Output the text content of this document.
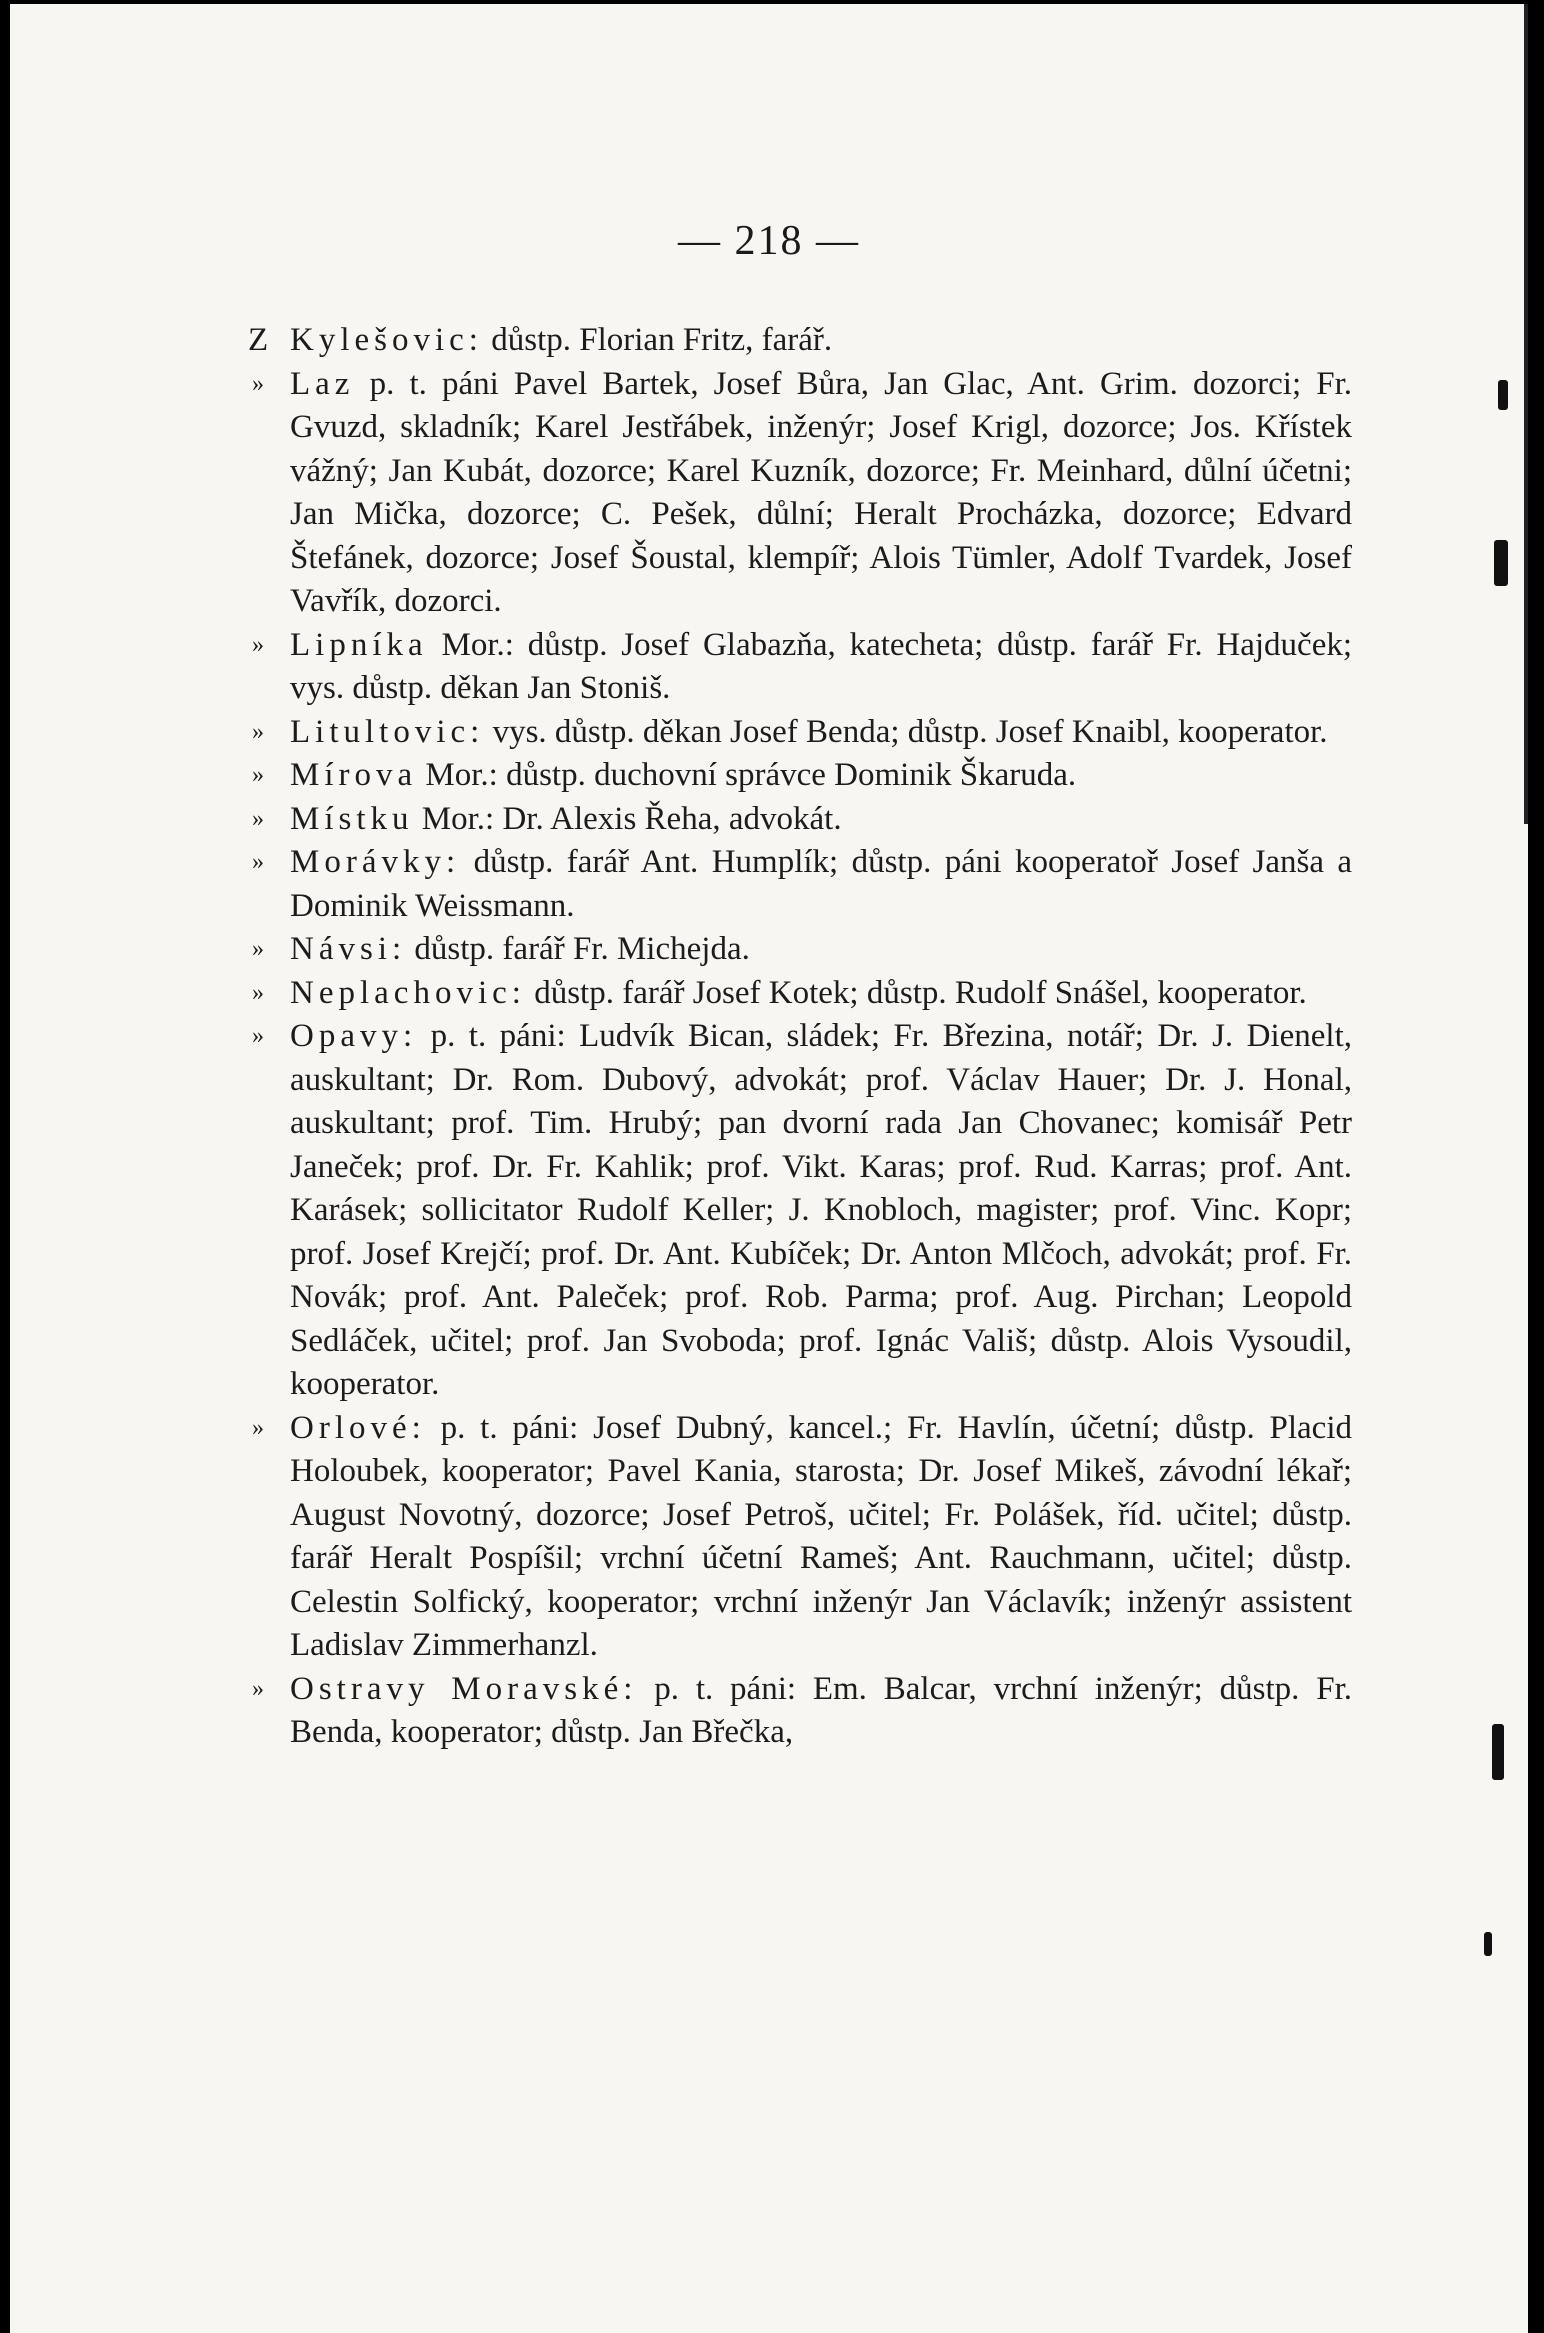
— 218 —
Z Kylešovic: důstp. Florian Fritz, farář.
» Laz p. t. páni Pavel Bartek, Josef Bůra, Jan Glac, Ant. Grim. dozorci; Fr. Gvuzd, skladník; Karel Jestřábek, inženýr; Josef Krigl, dozorce; Jos. Křístek vážný; Jan Kubát, dozorce; Karel Kuzník, dozorce; Fr. Meinhard, důlní účetni; Jan Mička, dozorce; C. Pešek, důlní; Heralt Procházka, dozorce; Edvard Štefánek, dozorce; Josef Šoustal, klempíř; Alois Tümler, Adolf Tvardek, Josef Vavřík, dozorci.
» Lipníka Mor.: důstp. Josef Glabazňa, katecheta; důstp. farář Fr. Hajduček; vys. důstp. děkan Jan Stoniš.
» Litultovic: vys. důstp. děkan Josef Benda; důstp. Josef Knaibl, kooperator.
» Mírova Mor.: důstp. duchovní správce Dominik Škaruda.
» Místku Mor.: Dr. Alexis Řeha, advokát.
» Morávky: důstp. farář Ant. Humplík; důstp. páni kooperatoř Josef Janša a Dominik Weissmann.
» Návsi: důstp. farář Fr. Michejda.
» Neplachovic: důstp. farář Josef Kotek; důstp. Rudolf Snášel, kooperator.
» Opavy: p. t. páni: Ludvík Bican, sládek; Fr. Březina, notář; Dr. J. Dienelt, auskultant; Dr. Rom. Dubový, advokát; prof. Václav Hauer; Dr. J. Honal, auskultant; prof. Tim. Hrubý; pan dvorní rada Jan Chovanec; komisář Petr Janeček; prof. Dr. Fr. Kahlik; prof. Vikt. Karas; prof. Rud. Karras; prof. Ant. Karásek; sollicitator Rudolf Keller; J. Knobloch, magister; prof. Vinc. Kopr; prof. Josef Krejčí; prof. Dr. Ant. Kubíček; Dr. Anton Mlčoch, advokát; prof. Fr. Novák; prof. Ant. Paleček; prof. Rob. Parma; prof. Aug. Pirchan; Leopold Sedláček, učitel; prof. Jan Svoboda; prof. Ignác Vališ; důstp. Alois Vysoudil, kooperator.
» Orlové: p. t. páni: Josef Dubný, kancel.; Fr. Havlín, účetní; důstp. Placid Holoubek, kooperator; Pavel Kania, starosta; Dr. Josef Mikeš, závodní lékař; August Novotný, dozorce; Josef Petroš, učitel; Fr. Polášek, říd. učitel; důstp. farář Heralt Pospíšil; vrchní účetní Rameš; Ant. Rauchmann, učitel; důstp. Celestin Solfický, kooperator; vrchní inženýr Jan Václavík; inženýr assistent Ladislav Zimmerhanzl.
» Ostravy Moravské: p. t. páni: Em. Balcar, vrchní inženýr; důstp. Fr. Benda, kooperator; důstp. Jan Břečka,
